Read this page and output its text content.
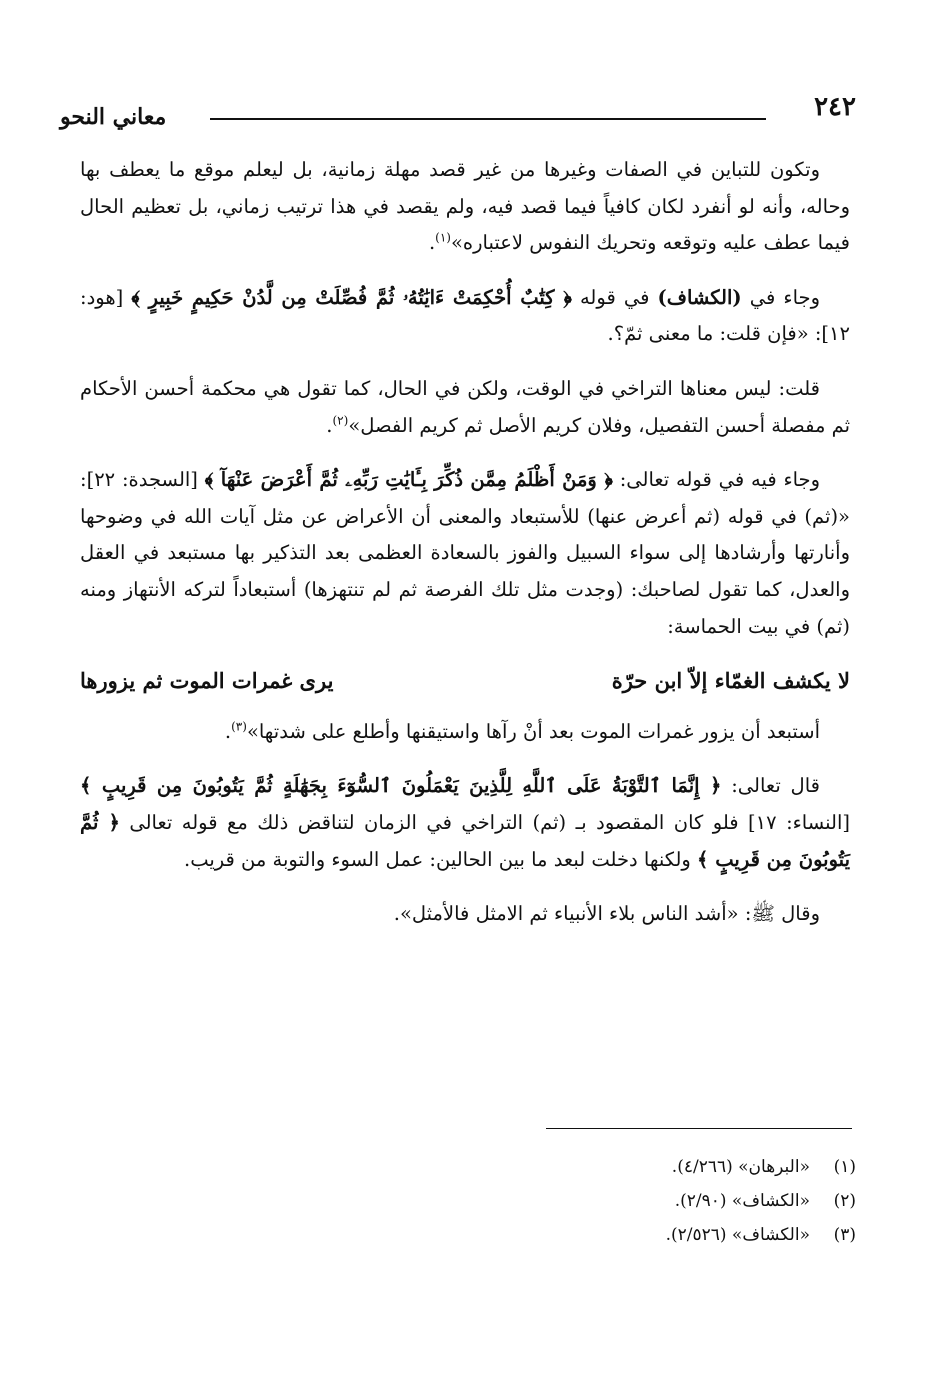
٢٤٢
معاني النحو

وتكون للتباين في الصفات وغيرها من غير قصد مهلة زمانية، بل ليعلم موقع ما يعطف بها وحاله، وأنه لو أنفرد لكان كافياً فيما قصد فيه، ولم يقصد في هذا ترتيب زماني، بل تعظيم الحال فيما عطف عليه وتوقعه وتحريك النفوس لاعتباره»$^{(١)}$.

وجاء في (الكشاف) في قوله ﴿ كِتَٰبٌ أُحْكِمَتْ ءَايَٰتُهُۥ ثُمَّ فُصِّلَتْ مِن لَّدُنْ حَكِيمٍ خَبِيرٍ ﴾ [هود: ١٢]: «فإن قلت: ما معنى ثمّ؟.

قلت: ليس معناها التراخي في الوقت، ولكن في الحال، كما تقول هي محكمة أحسن الأحكام ثم مفصلة أحسن التفصيل، وفلان كريم الأصل ثم كريم الفصل»$^{(٢)}$.

وجاء فيه في قوله تعالى: ﴿ وَمَنْ أَظْلَمُ مِمَّن ذُكِّرَ بِـَٔايَٰتِ رَبِّهِۦ ثُمَّ أَعْرَضَ عَنْهَآ ﴾ [السجدة: ٢٢]: «(ثم) في قوله (ثم أعرض عنها) للأستبعاد والمعنى أن الأعراض عن مثل آيات الله في وضوحها وأنارتها وأرشادها إلى سواء السبيل والفوز بالسعادة العظمى بعد التذكير بها مستبعد في العقل والعدل، كما تقول لصاحبك: (وجدت مثل تلك الفرصة ثم لم تنتهزها) أستبعاداً لتركه الأنتهاز ومنه (ثم) في بيت الحماسة:

لا يكشف الغمّاء إلاّ ابن حرّة
يرى غمرات الموت ثم يزورها

أستبعد أن يزور غمرات الموت بعد أنْ رآها واستيقنها وأطلع على شدتها»$^{(٣)}$.

قال تعالى: ﴿ إِنَّمَا ٱلتَّوْبَةُ عَلَى ٱللَّهِ لِلَّذِينَ يَعْمَلُونَ ٱلسُّوٓءَ بِجَهَٰلَةٍ ثُمَّ يَتُوبُونَ مِن قَرِيبٍ ﴾ [النساء: ١٧] فلو كان المقصود بـ (ثم) التراخي في الزمان لتناقض ذلك مع قوله تعالى ﴿ ثُمَّ يَتُوبُونَ مِن قَرِيبٍ ﴾ ولكنها دخلت لبعد ما بين الحالين: عمل السوء والتوبة من قريب.

وقال ﷺ: «أشد الناس بلاء الأنبياء ثم الامثل فالأمثل».

(١)
«البرهان» (٤/٢٦٦).
(٢)
«الكشاف» (٢/٩٠).
(٣)
«الكشاف» (٢/٥٢٦).
